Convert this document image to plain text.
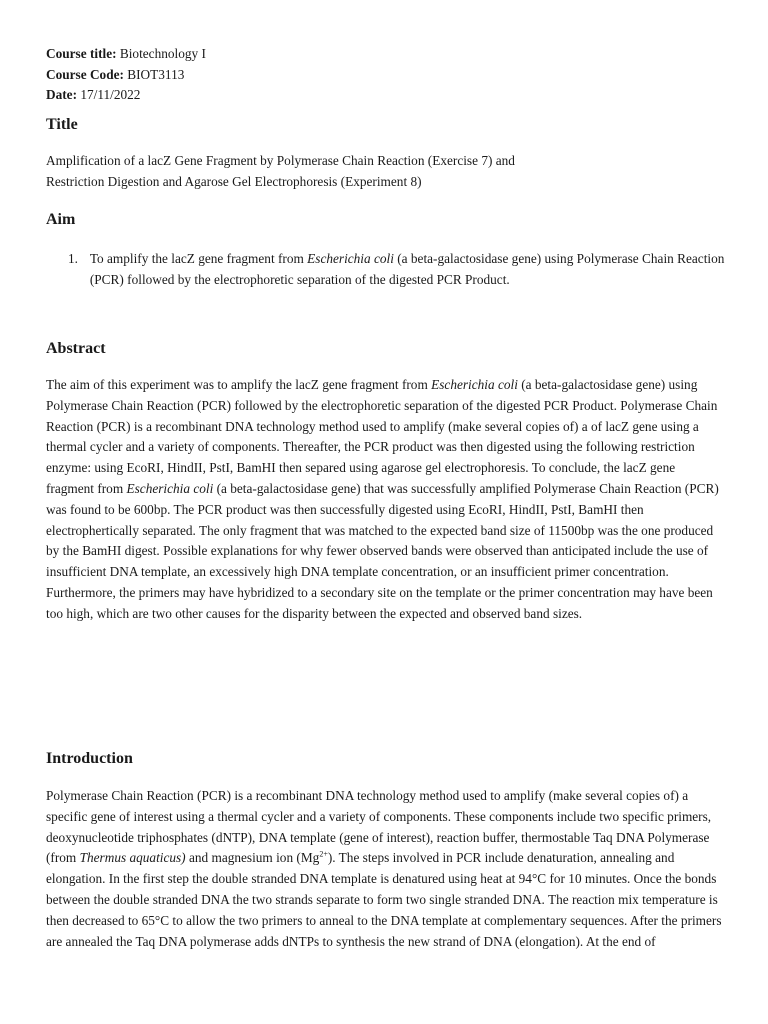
Course title: Biotechnology I
Course Code: BIOT3113
Date: 17/11/2022
Title
Amplification of a lacZ Gene Fragment by Polymerase Chain Reaction (Exercise 7) and
Restriction Digestion and Agarose Gel Electrophoresis (Experiment 8)
Aim
1. To amplify the lacZ gene fragment from Escherichia coli (a beta-galactosidase gene) using Polymerase Chain Reaction (PCR) followed by the electrophoretic separation of the digested PCR Product.
Abstract
The aim of this experiment was to amplify the lacZ gene fragment from Escherichia coli (a beta-galactosidase gene) using Polymerase Chain Reaction (PCR) followed by the electrophoretic separation of the digested PCR Product. Polymerase Chain Reaction (PCR) is a recombinant DNA technology method used to amplify (make several copies of) a of lacZ gene using a thermal cycler and a variety of components. Thereafter, the PCR product was then digested using the following restriction enzyme: using EcoRI, HindII, PstI, BamHI then separed using agarose gel electrophoresis. To conclude, the lacZ gene fragment from Escherichia coli (a beta-galactosidase gene) that was successfully amplified Polymerase Chain Reaction (PCR) was found to be 600bp. The PCR product was then successfully digested using EcoRI, HindII, PstI, BamHI then electrophertically separated. The only fragment that was matched to the expected band size of 11500bp was the one produced by the BamHI digest. Possible explanations for why fewer observed bands were observed than anticipated include the use of insufficient DNA template, an excessively high DNA template concentration, or an insufficient primer concentration. Furthermore, the primers may have hybridized to a secondary site on the template or the primer concentration may have been too high, which are two other causes for the disparity between the expected and observed band sizes.
Introduction
Polymerase Chain Reaction (PCR) is a recombinant DNA technology method used to amplify (make several copies of) a specific gene of interest using a thermal cycler and a variety of components. These components include two specific primers, deoxynucleotide triphosphates (dNTP), DNA template (gene of interest), reaction buffer, thermostable Taq DNA Polymerase (from Thermus aquaticus) and magnesium ion $(Mg^{2+})$. The steps involved in PCR include denaturation, annealing and elongation. In the first step the double stranded DNA template is denatured using heat at 94°C for 10 minutes. Once the bonds between the double stranded DNA the two strands separate to form two single stranded DNA. The reaction mix temperature is then decreased to 65°C to allow the two primers to anneal to the DNA template at complementary sequences. After the primers are annealed the Taq DNA polymerase adds dNTPs to synthesis the new strand of DNA (elongation). At the end of
